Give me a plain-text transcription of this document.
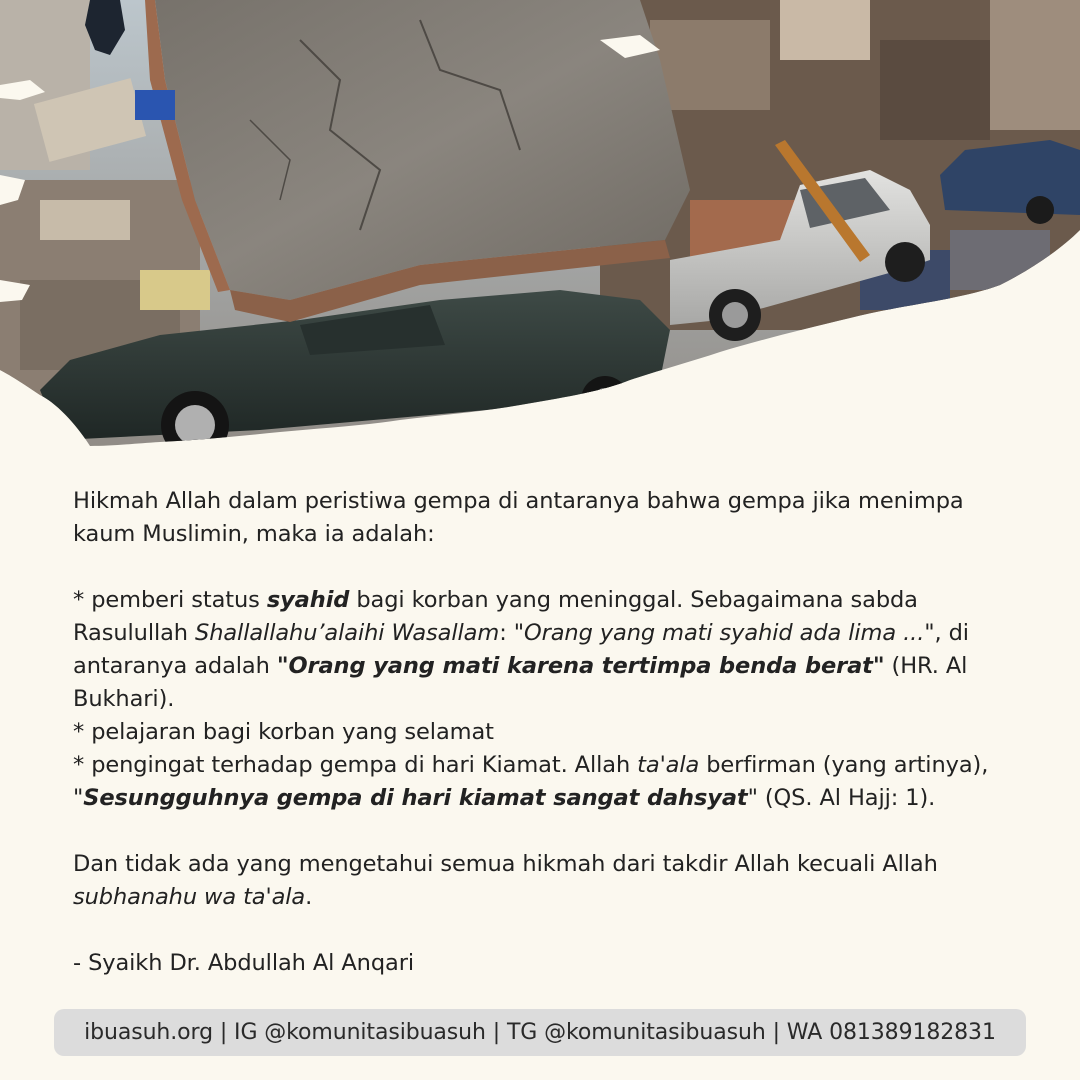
Hikmah Allah dalam peristiwa gempa di antaranya bahwa gempa jika menimpa kaum Muslimin, maka ia adalah:

* pemberi status syahid bagi korban yang meninggal. Sebagaimana sabda Rasulullah Shallallahu’alaihi Wasallam: "Orang yang mati syahid ada lima ...", di antaranya adalah "Orang yang mati karena tertimpa benda berat" (HR. Al Bukhari).

* pelajaran bagi korban yang selamat

* pengingat terhadap gempa di hari Kiamat. Allah ta'ala berfirman (yang artinya), "Sesungguhnya gempa di hari kiamat sangat dahsyat" (QS. Al Hajj: 1).

Dan tidak ada yang mengetahui semua hikmah dari takdir Allah kecuali Allah subhanahu wa ta'ala.

- Syaikh Dr. Abdullah Al Anqari

ibuasuh.org | IG @komunitasibuasuh | TG @komunitasibuasuh | WA 081389182831
